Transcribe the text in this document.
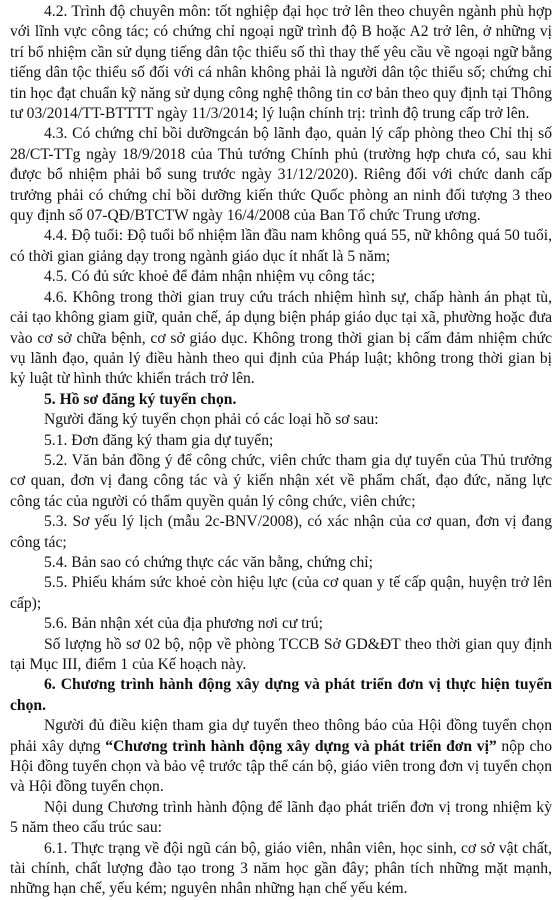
4.2. Trình độ chuyên môn: tốt nghiệp đại học trở lên theo chuyên ngành phù hợp với lĩnh vực công tác; có chứng chỉ ngoại ngữ trình độ B hoặc A2 trở lên, ở những vị trí bổ nhiệm cần sử dụng tiếng dân tộc thiểu số thì thay thế yêu cầu về ngoại ngữ bằng tiếng dân tộc thiểu số đối với cá nhân không phải là người dân tộc thiểu số; chứng chỉ tin học đạt chuẩn kỹ năng sử dụng công nghệ thông tin cơ bản theo quy định tại Thông tư 03/2014/TT-BTTTT ngày 11/3/2014; lý luận chính trị: trình độ trung cấp trở lên.

4.3. Có chứng chỉ bồi dưỡngcán bộ lãnh đạo, quản lý cấp phòng theo Chỉ thị số 28/CT-TTg ngày 18/9/2018 của Thủ tướng Chính phủ (trường hợp chưa có, sau khi được bổ nhiệm phải bổ sung trước ngày 31/12/2020). Riêng đối với chức danh cấp trưởng phải có chứng chỉ bồi dưỡng kiến thức Quốc phòng an ninh đối tượng 3 theo quy định số 07-QĐ/BTCTW ngày 16/4/2008 của Ban Tổ chức Trung ương.

4.4. Độ tuổi: Độ tuổi bổ nhiệm lần đầu nam không quá 55, nữ không quá 50 tuổi, có thời gian giảng dạy trong ngành giáo dục ít nhất là 5 năm;

4.5. Có đủ sức khoẻ để đảm nhận nhiệm vụ công tác;

4.6. Không trong thời gian truy cứu trách nhiệm hình sự, chấp hành án phạt tù, cải tạo không giam giữ, quản chế, áp dụng biện pháp giáo dục tại xã, phường hoặc đưa vào cơ sở chữa bệnh, cơ sở giáo dục. Không trong thời gian bị cấm đảm nhiệm chức vụ lãnh đạo, quản lý điều hành theo qui định của Pháp luật; không trong thời gian bị kỷ luật từ hình thức khiển trách trở lên.

5. Hồ sơ đăng ký tuyển chọn.

Người đăng ký tuyển chọn phải có các loại hồ sơ sau:

5.1. Đơn đăng ký tham gia dự tuyển;

5.2. Văn bản đồng ý để công chức, viên chức tham gia dự tuyển của Thủ trưởng cơ quan, đơn vị đang công tác và ý kiến nhận xét về phẩm chất, đạo đức, năng lực công tác của người có thẩm quyền quản lý công chức, viên chức;

5.3. Sơ yếu lý lịch (mẫu 2c-BNV/2008), có xác nhận của cơ quan, đơn vị đang công tác;

5.4. Bản sao có chứng thực các văn bằng, chứng chỉ;

5.5. Phiếu khám sức khoẻ còn hiệu lực (của cơ quan y tế cấp quận, huyện trở lên cấp);

5.6. Bản nhận xét của địa phương nơi cư trú;

Số lượng hồ sơ 02 bộ, nộp về phòng TCCB Sở GD&ĐT theo thời gian quy định tại Mục III, điểm 1 của Kế hoạch này.

6. Chương trình hành động xây dựng và phát triển đơn vị thực hiện tuyển chọn.

Người đủ điều kiện tham gia dự tuyển theo thông báo của Hội đồng tuyển chọn phải xây dựng “Chương trình hành động xây dựng và phát triển đơn vị” nộp cho Hội đồng tuyển chọn và bảo vệ trước tập thể cán bộ, giáo viên trong đơn vị tuyển chọn và Hội đồng tuyển chọn.

Nội dung Chương trình hành động để lãnh đạo phát triển đơn vị trong nhiệm kỳ 5 năm theo cấu trúc sau:

6.1. Thực trạng về đội ngũ cán bộ, giáo viên, nhân viên, học sinh, cơ sở vật chất, tài chính, chất lượng đào tạo trong 3 năm học gần đây; phân tích những mặt mạnh, những hạn chế, yếu kém; nguyên nhân những hạn chế yếu kém.
